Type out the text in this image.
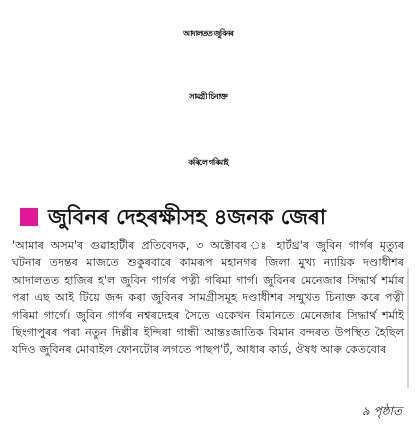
আদালতত জুবিনৰ
সামগ্ৰী চিনাক্ত
কৰিলে গৰিমাই
জুবিনৰ দেহৰক্ষীসহ ৪জনক জেৰা

'আমাৰ অসম'ৰ গুৱাহাটীৰ প্ৰতিবেদক, ৩ অক্টোবৰ ঃ হাৰ্টথ্ৰ'ৰ জুবিন গাৰ্গৰ মৃত্যুৰ ঘটনাৰ তদন্তৰ মাজতে শুকুৰবাৰে কামৰূপ মহানগৰ জিলা মুখ্য ন্যায়িক দণ্ডাধীশৰ আদালতত হাজিৰ হ'ল জুবিন গাৰ্গৰ পত্নী গৰিমা গাৰ্গ। জুবিনৰ মেনেজাৰ সিদ্ধাৰ্থ শৰ্মাৰ পৰা এছ আই টিয়ে জব্দ কৰা জুবিনৰ সামগ্ৰীসমূহ দণ্ডাধীশৰ সন্মুখত চিনাক্ত কৰে পত্নী গৰিমা গাৰ্গে। জুবিন গাৰ্গৰ নশ্বৰদেহৰ সৈতে একেখন বিমানতে মেনেজাৰ সিদ্ধাৰ্থ শৰ্মাই ছিংগাপুৰৰ পৰা নতুন দিল্লীৰ ইন্দিৰা গান্ধী আন্তঃজাতিক বিমান বন্দৰত উপস্থিত হৈছিল যদিও জুবিনৰ মোবাইল ফোনটোৰ লগতে পাছপ'ৰ্ট, আধাৰ কাৰ্ড, ঔষধ আৰু কেতবোৰ

৯ পৃষ্ঠাত
